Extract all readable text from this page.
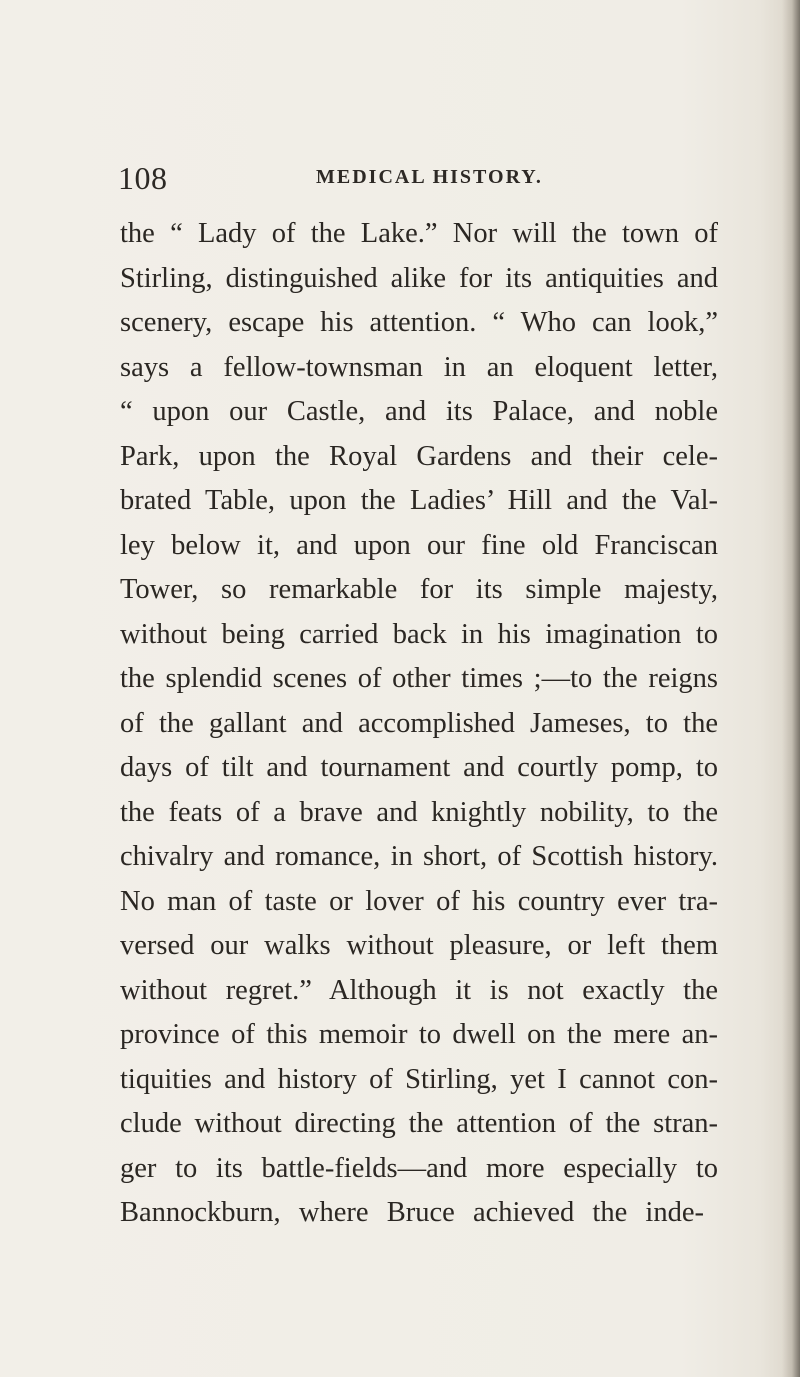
108	MEDICAL HISTORY.
the “ Lady of the Lake.” Nor will the town of
Stirling, distinguished alike for its antiquities and
scenery, escape his attention. “ Who can look,”
says a fellow-townsman in an eloquent letter,
“ upon our Castle, and its Palace, and noble
Park, upon the Royal Gardens and their cele-
brated Table, upon the Ladies’ Hill and the Val-
ley below it, and upon our fine old Franciscan
Tower, so remarkable for its simple majesty,
without being carried back in his imagination to
the splendid scenes of other times ;—to the reigns
of the gallant and accomplished Jameses, to the
days of tilt and tournament and courtly pomp, to
the feats of a brave and knightly nobility, to the
chivalry and romance, in short, of Scottish history.
No man of taste or lover of his country ever tra-
versed our walks without pleasure, or left them
without regret.” Although it is not exactly the
province of this memoir to dwell on the mere an-
tiquities and history of Stirling, yet I cannot con-
clude without directing the attention of the stran-
ger to its battle-fields—and more especially to
Bannockburn, where Bruce achieved the inde-
